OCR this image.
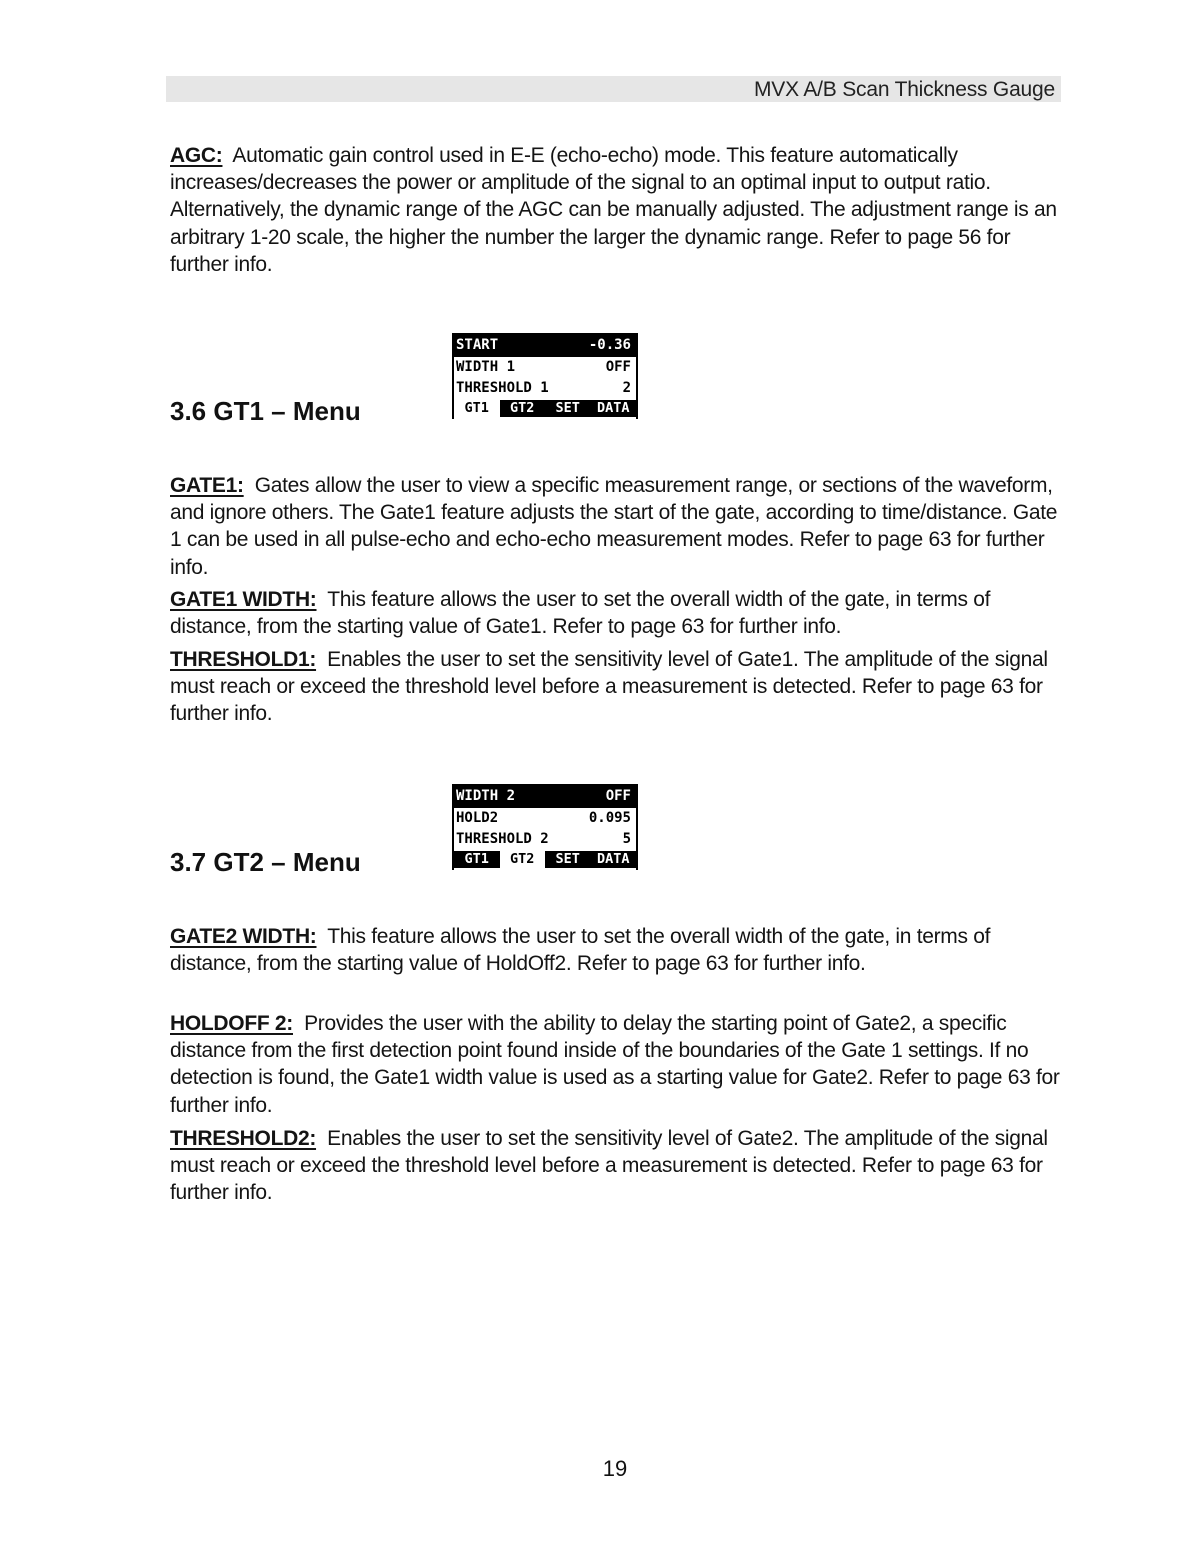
MVX A/B Scan Thickness Gauge
AGC: Automatic gain control used in E-E (echo-echo) mode. This feature automatically increases/decreases the power or amplitude of the signal to an optimal input to output ratio. Alternatively, the dynamic range of the AGC can be manually adjusted. The adjustment range is an arbitrary 1-20 scale, the higher the number the larger the dynamic range. Refer to page 56 for further info.
3.6 GT1 – Menu
START	-0.36
WIDTH 1	OFF
THRESHOLD 1	2
GT1	GT2	SET	DATA
GATE1: Gates allow the user to view a specific measurement range, or sections of the waveform, and ignore others. The Gate1 feature adjusts the start of the gate, according to time/distance. Gate 1 can be used in all pulse-echo and echo-echo measurement modes. Refer to page 63 for further info.
GATE1 WIDTH: This feature allows the user to set the overall width of the gate, in terms of distance, from the starting value of Gate1. Refer to page 63 for further info.
THRESHOLD1: Enables the user to set the sensitivity level of Gate1. The amplitude of the signal must reach or exceed the threshold level before a measurement is detected. Refer to page 63 for further info.
3.7 GT2 – Menu
WIDTH 2	OFF
HOLD2	0.095
THRESHOLD 2	5
GT1	GT2	SET	DATA
GATE2 WIDTH: This feature allows the user to set the overall width of the gate, in terms of distance, from the starting value of HoldOff2. Refer to page 63 for further info.
HOLDOFF 2: Provides the user with the ability to delay the starting point of Gate2, a specific distance from the first detection point found inside of the boundaries of the Gate 1 settings. If no detection is found, the Gate1 width value is used as a starting value for Gate2. Refer to page 63 for further info.
THRESHOLD2: Enables the user to set the sensitivity level of Gate2. The amplitude of the signal must reach or exceed the threshold level before a measurement is detected. Refer to page 63 for further info.
19
